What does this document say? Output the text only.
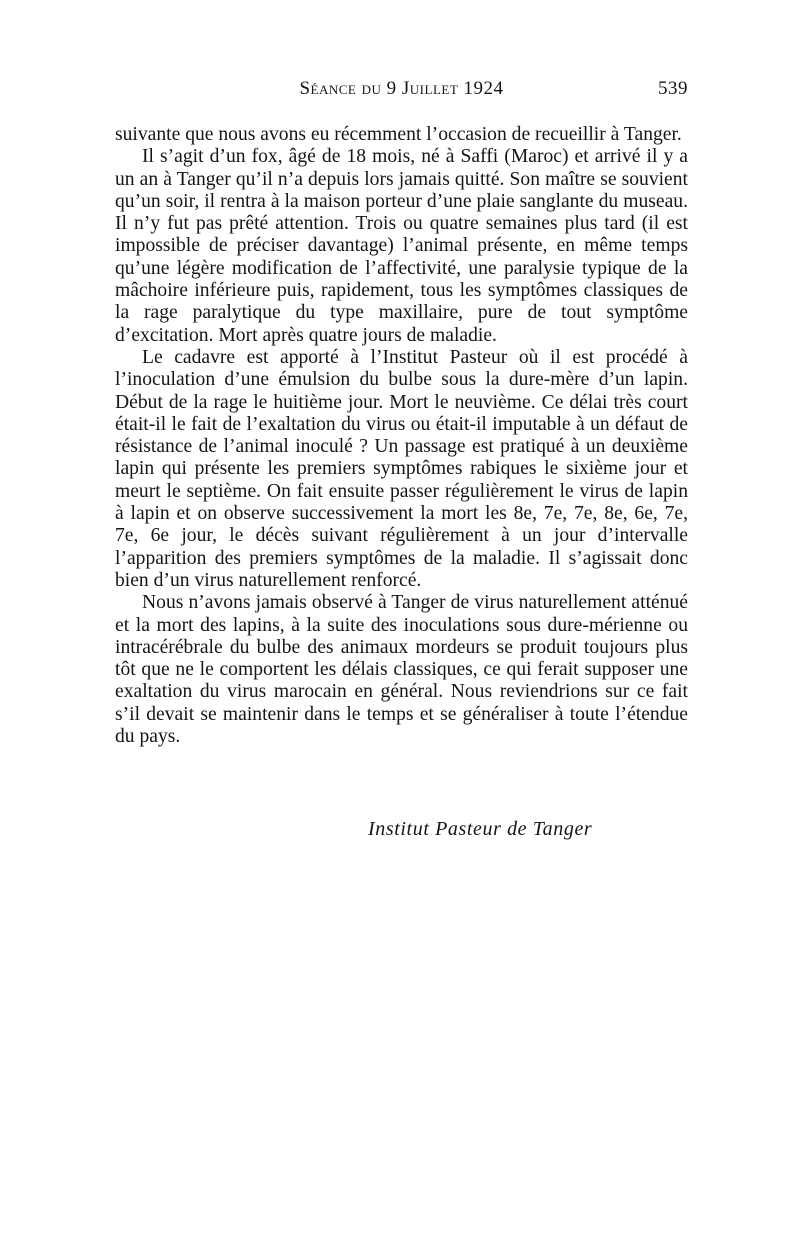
Séance du 9 Juillet 1924	539

suivante que nous avons eu récemment l’occasion de recueillir à Tanger.

Il s’agit d’un fox, âgé de 18 mois, né à Saffi (Maroc) et arrivé il y a un an à Tanger qu’il n’a depuis lors jamais quitté. Son maître se souvient qu’un soir, il rentra à la maison porteur d’une plaie sanglante du museau. Il n’y fut pas prêté attention. Trois ou quatre semaines plus tard (il est impossible de préciser davantage) l’animal présente, en même temps qu’une légère modification de l’affectivité, une paralysie typique de la mâchoire inférieure puis, rapidement, tous les symptômes classiques de la rage paralytique du type maxillaire, pure de tout symptôme d’excitation. Mort après quatre jours de maladie.

Le cadavre est apporté à l’Institut Pasteur où il est procédé à l’inoculation d’une émulsion du bulbe sous la dure-mère d’un lapin. Début de la rage le huitième jour. Mort le neuvième. Ce délai très court était-il le fait de l’exaltation du virus ou était-il imputable à un défaut de résistance de l’animal inoculé ? Un passage est pratiqué à un deuxième lapin qui présente les premiers symptômes rabiques le sixième jour et meurt le septième. On fait ensuite passer régulièrement le virus de lapin à lapin et on observe successivement la mort les 8e, 7e, 7e, 8e, 6e, 7e, 7e, 6e jour, le décès suivant régulièrement à un jour d’intervalle l’apparition des premiers symptômes de la maladie. Il s’agissait donc bien d’un virus naturellement renforcé.

Nous n’avons jamais observé à Tanger de virus naturellement atténué et la mort des lapins, à la suite des inoculations sous dure-mérienne ou intracérébrale du bulbe des animaux mordeurs se produit toujours plus tôt que ne le comportent les délais classiques, ce qui ferait supposer une exaltation du virus marocain en général. Nous reviendrions sur ce fait s’il devait se maintenir dans le temps et se généraliser à toute l’étendue du pays.

Institut Pasteur de Tanger
